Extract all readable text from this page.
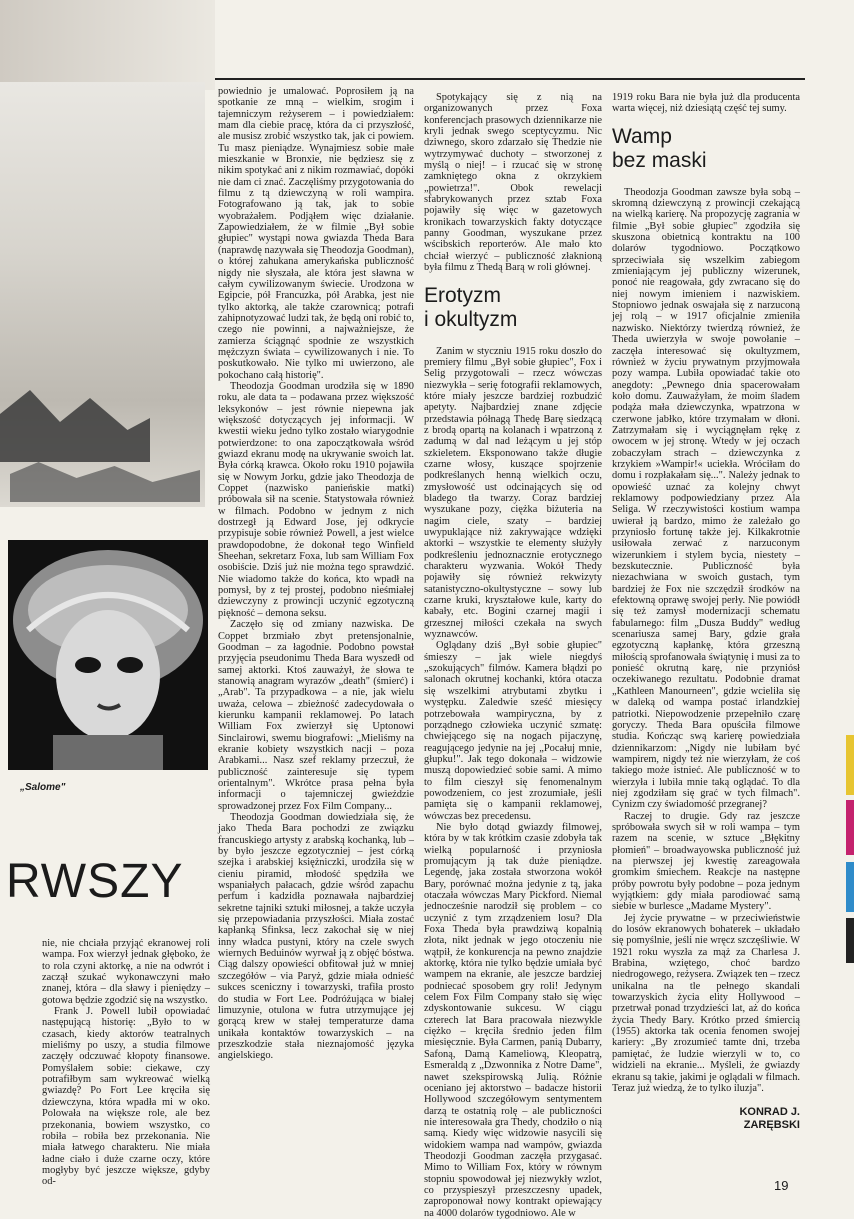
„Salome"
RWSZY

nie, nie chciała przyjąć ekranowej roli wampa. Fox wierzył jednak głęboko, że to rola czyni aktorkę, a nie na odwrót i zaczął szukać wykonawczyni mało znanej, która – dla sławy i pieniędzy – gotowa będzie zgodzić się na wszystko.

Frank J. Powell lubił opowiadać następującą historię: „Było to w czasach, kiedy aktorów teatralnych mieliśmy po uszy, a studia filmowe zaczęły odczuwać kłopoty finansowe. Pomyślałem sobie: ciekawe, czy potrafiłbym sam wykreować wielką gwiazdę? Po Fort Lee kręciła się dziewczyna, która wpadła mi w oko. Polowała na większe role, ale bez przekonania, bowiem wszystko, co robiła – robiła bez przekonania. Nie miała łatwego charakteru. Nie miała ładne ciało i duże czarne oczy, które mogłyby być jeszcze większe, gdyby od-

powiednio je umalować. Poprosiłem ją na spotkanie ze mną – wielkim, srogim i tajemniczym reżyserem – i powiedziałem: mam dla ciebie pracę, która da ci przyszłość, ale musisz zrobić wszystko tak, jak ci powiem. Tu masz pieniądze. Wynajmiesz sobie małe mieszkanie w Bronxie, nie będziesz się z nikim spotykać ani z nikim rozmawiać, dopóki nie dam ci znać. Zaczęliśmy przygotowania do filmu z tą dziewczyną w roli wampira. Fotografowano ją tak, jak to sobie wyobrażałem. Podjąłem więc działanie. Zapowiedziałem, że w filmie „Był sobie głupiec" wystąpi nowa gwiazda Theda Bara (naprawdę nazywała się Theodozja Goodman), o której zahukana amerykańska publiczność nigdy nie słyszała, ale która jest sławna w całym cywilizowanym świecie. Urodzona w Egipcie, pół Francuzka, pół Arabka, jest nie tylko aktorką, ale także czarownicą; potrafi zahipnotyzować ludzi tak, że będą oni robić to, czego nie powinni, a najważniejsze, że zamierza ściągnąć spodnie ze wszystkich mężczyzn świata – cywilizowanych i nie. To poskutkowało. Nie tylko mi uwierzono, ale pokochano całą historię".

Theodozja Goodman urodziła się w 1890 roku, ale data ta – podawana przez większość leksykonów – jest równie niepewna jak większość dotyczących jej informacji. W kwestii wieku jedno tylko zostało wiarygodnie potwierdzone: to ona zapoczątkowała wśród gwiazd ekranu modę na ukrywanie swoich lat. Była córką krawca. Około roku 1910 pojawiła się w Nowym Jorku, gdzie jako Theodozja de Coppet (nazwisko panieńskie matki) próbowała sił na scenie. Statystowała również w filmach. Podobno w jednym z nich dostrzegł ją Edward Jose, jej odkrycie przypisuje sobie również Powell, a jest wielce prawdopodobne, że dokonał tego Winfield Sheehan, sekretarz Foxa, lub sam William Fox osobiście. Dziś już nie można tego sprawdzić. Nie wiadomo także do końca, kto wpadł na pomysł, by z tej prostej, podobno nieśmiałej dziewczyny z prowincji uczynić egzotyczną piękność – demona seksu.

Zaczęło się od zmiany nazwiska. De Coppet brzmiało zbyt pretensjonalnie, Goodman – za łagodnie. Podobno powstał przyjęcia pseudonimu Theda Bara wyszedł od samej aktorki. Ktoś zauważył, że słowa te stanowią anagram wyrazów „death" (śmierć) i „Arab". Ta przypadkowa – a nie, jak wielu uważa, celowa – zbieżność zadecydowała o kierunku kampanii reklamowej. Po latach William Fox zwierzył się Uptonowi Sinclairowi, swemu biografowi: „Mieliśmy na ekranie kobiety wszystkich nacji – poza Arabkami... Nasz szef reklamy przeczuł, że publiczność zainteresuje się typem orientalnym". Wkrótce prasa pełna była informacji o tajemniczej gwieździe sprowadzonej przez Fox Film Company...

Theodozja Goodman dowiedziała się, że jako Theda Bara pochodzi ze związku francuskiego artysty z arabską kochanką, lub – by było jeszcze egzotyczniej – jest córką szejka i arabskiej księżniczki, urodziła się w cieniu piramid, młodość spędziła we wspaniałych pałacach, gdzie wśród zapachu perfum i kadzidła poznawała najbardziej sekretne tajniki sztuki miłosnej, a także uczyła się przepowiadania przyszłości. Miała zostać kapłanką Sfinksa, lecz zakochał się w niej inny władca pustyni, który na czele swych wiernych Beduinów wyrwał ją z objęć bóstwa. Ciąg dalszy opowieści obfitował już w mniej szczegółów – via Paryż, gdzie miała odnieść sukces sceniczny i towarzyski, trafiła prosto do studia w Fort Lee. Podróżująca w białej limuzynie, otulona w futra utrzymujące jej gorącą krew w stałej temperaturze dama unikała kontaktów towarzyskich – na przeszkodzie stała nieznajomość języka angielskiego.

Spotykający się z nią na organizowanych przez Foxa konferencjach prasowych dziennikarze nie kryli jednak swego sceptycyzmu. Nic dziwnego, skoro zdarzało się Thedzie nie wytrzymywać duchoty – stworzonej z myślą o niej! – i rzucać się w stronę zamkniętego okna z okrzykiem „powietrza!". Obok rewelacji sfabrykowanych przez sztab Foxa pojawiły się więc w gazetowych kronikach towarzyskich fakty dotyczące panny Goodman, wyszukane przez wścibskich reporterów. Ale mało kto chciał wierzyć – publiczność złaknioną była filmu z Thedą Barą w roli głównej.

Erotyzm
i okultyzm

Zanim w styczniu 1915 roku doszło do premiery filmu „Był sobie głupiec", Fox i Selig przygotowali – rzecz wówczas niezwykła – serię fotografii reklamowych, które miały jeszcze bardziej rozbudzić apetyty. Najbardziej znane zdjęcie przedstawia półnagą Thedę Barę siedzącą z brodą opartą na kolanach i wpatrzoną z zadumą w dal nad leżącym u jej stóp szkieletem. Eksponowano także długie czarne włosy, kuszące spojrzenie podkreślanych henną wielkich oczu, zmysłowość ust odcinających się od bladego tła twarzy. Coraz bardziej wyszukane pozy, ciężka biżuteria na nagim ciele, szaty – bardziej uwypuklające niż zakrywające wdzięki aktorki – wszystkie te elementy służyły podkreśleniu jednoznacznie erotycznego charakteru wyzwania. Wokół Thedy pojawiły się również rekwizyty satanistyczno-okultystyczne – sowy lub czarne kruki, kryształowe kule, karty do kabały, etc. Bogini czarnej magii i grzesznej miłości czekała na swych wyznawców.

Oglądany dziś „Był sobie głupiec" śmieszy – jak wiele niegdyś „szokujących" filmów. Kamera błądzi po salonach okrutnej kochanki, która otacza się wszelkimi atrybutami zbytku i występku. Zaledwie sześć miesięcy potrzebowała wampiryczna, by z porządnego człowieka uczynić szmatę: chwiejącego się na nogach pijaczynę, reagującego jedynie na jej „Pocałuj mnie, głupku!". Jak tego dokonała – widzowie muszą dopowiedzieć sobie sami. A mimo to film cieszył się fenomenalnym powodzeniem, co jest zrozumiałe, jeśli pamięta się o kampanii reklamowej, wówczas bez precedensu.

Nie było dotąd gwiazdy filmowej, która by w tak krótkim czasie zdobyła tak wielką popularność i przyniosła promującym ją tak duże pieniądze. Legendę, jaka została stworzona wokół Bary, porównać można jedynie z tą, jaka otaczała wówczas Mary Pickford. Niemal jednocześnie narodził się problem – co uczynić z tym zrządzeniem losu? Dla Foxa Theda była prawdziwą kopalnią złota, nikt jednak w jego otoczeniu nie wątpił, że konkurencja na pewno znajdzie aktorkę, która nie tylko będzie umiała być wampem na ekranie, ale jeszcze bardziej podniecać sposobem gry roli! Jedynym celem Fox Film Company stało się więc zdyskontowanie sukcesu. W ciągu czterech lat Bara pracowała niezwykle ciężko – kręciła średnio jeden film miesięcznie. Była Carmen, panią Dubarry, Safoną, Damą Kameliową, Kleopatrą, Esmeraldą z „Dzwonnika z Notre Dame", nawet szekspirowską Julią. Różnie oceniano jej aktorstwo – badacze historii Hollywood szczegółowym sentymentem darzą te ostatnią rolę – ale publiczności nie interesowała gra Thedy, chodziło o nią samą. Kiedy więc widzowie nasycili się widokiem wampa nad wampów, gwiazda Theodozji Goodman zaczęła przygasać. Mimo to William Fox, który w równym stopniu spowodował jej niezwykły wzlot, co przyspieszył przeszczesny upadek, zaproponował nowy kontrakt opiewający na 4000 dolarów tygodniowo. Ale w

1919 roku Bara nie była już dla producenta warta więcej, niż dziesiątą część tej sumy.

Wamp
bez maski

Theodozja Goodman zawsze była sobą – skromną dziewczyną z prowincji czekającą na wielką karierę. Na propozycję zagrania w filmie „Był sobie głupiec" zgodziła się skuszona obietnicą kontraktu na 100 dolarów tygodniowo. Początkowo sprzeciwiała się wszelkim zabiegom zmieniającym jej publiczny wizerunek, ponoć nie reagowała, gdy zwracano się do niej nowym imieniem i nazwiskiem. Stopniowo jednak oswajała się z narzuconą jej rolą – w 1917 oficjalnie zmieniła nazwisko. Niektórzy twierdzą również, że Theda uwierzyła w swoje powołanie – zaczęła interesować się okultyzmem, również w życiu prywatnym przyjmowała pozy wampa. Lubiła opowiadać takie oto anegdoty: „Pewnego dnia spacerowałam koło domu. Zauważyłam, że moim śladem podąża mała dziewczynka, wpatrzona w czerwone jabłko, które trzymałam w dłoni. Zatrzymałam się i wyciągnęłam rękę z owocem w jej stronę. Wtedy w jej oczach zobaczyłam strach – dziewczynka z krzykiem »Wampir!« uciekła. Wróciłam do domu i rozpłakałam się...". Należy jednak to opowieść uznać za kolejny chwyt reklamowy podpowiedziany przez Ala Seliga. W rzeczywistości kostium wampa uwierał ją bardzo, mimo że zależało go przyniosło fortunę także jej. Kilkakrotnie usiłowała zerwać z narzuconym wizerunkiem i stylem bycia, niestety – bezskutecznie. Publiczność była niezachwiana w swoich gustach, tym bardziej że Fox nie szczędził środków na efektowną oprawę swojej perły. Nie powiódł się też zamysł modernizacji schematu fabularnego: film „Dusza Buddy" według scenariusza samej Bary, gdzie grała egzotyczną kapłankę, która grzeszną miłością sprofanowała świątynię i musi za to ponieść okrutną karę, nie przyniósł oczekiwanego rezultatu. Podobnie dramat „Kathleen Manourneen", gdzie wcieliła się w daleką od wampa postać irlandzkiej patriotki. Niepowodzenie przepełniło czarę goryczy. Theda Bara opuściła filmowe studia. Kończąc swą karierę powiedziała dziennikarzom: „Nigdy nie lubiłam być wampirem, nigdy też nie wierzyłam, że coś takiego może istnieć. Ale publiczność w to wierzyła i lubiła mnie taką oglądać. To dla niej zgodziłam się grać w tych filmach". Cynizm czy świadomość przegranej?

Raczej to drugie. Gdy raz jeszcze spróbowała swych sił w roli wampa – tym razem na scenie, w sztuce „Błękitny płomień" – broadwayowska publiczność już na pierwszej jej kwestię zareagowała gromkim śmiechem. Reakcje na następne próby powrotu były podobne – poza jednym wyjątkiem: gdy miała parodiować samą siebie w burlesce „Madame Mystery".

Jej życie prywatne – w przeciwieństwie do losów ekranowych bohaterek – układało się pomyślnie, jeśli nie wręcz szczęśliwie. W 1921 roku wyszła za mąż za Charlesa J. Brabina, wziętego, choć bardzo niedrogowego, reżysera. Związek ten – rzecz unikalna na tle pełnego skandali towarzyskich życia elity Hollywood – przetrwał ponad trzydzieści lat, aż do końca życia Thedy Bary. Krótko przed śmiercią (1955) aktorka tak ocenia fenomen swojej kariery: „By zrozumieć tamte dni, trzeba pamiętać, że ludzie wierzyli w to, co widzieli na ekranie... Myśleli, że gwiazdy ekranu są takie, jakimi je oglądali w filmach. Teraz już wiedzą, że to tylko iluzja".

KONRAD J.
ZARĘBSKI
19
